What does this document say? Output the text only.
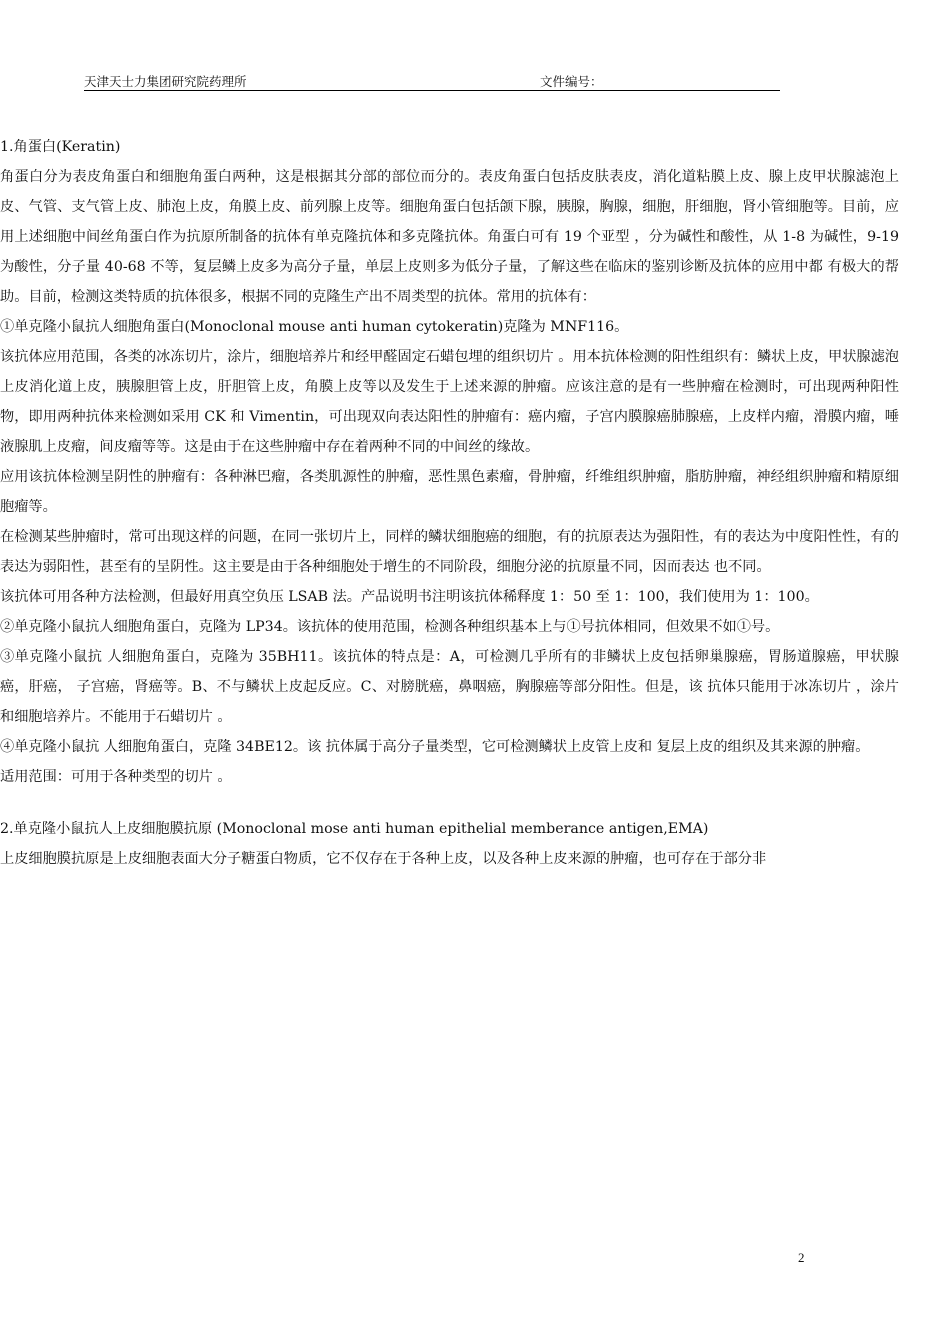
天津天士力集团研究院药理所	文件编号：

1.角蛋白(Keratin)

角蛋白分为表皮角蛋白和细胞角蛋白两种，这是根据其分部的部位而分的。表皮角蛋白包括皮肤表皮，消化道粘膜上皮、腺上皮甲状腺滤泡上皮、气管、支气管上皮、肺泡上皮，角膜上皮、前列腺上皮等。细胞角蛋白包括颌下腺，胰腺，胸腺，细胞，肝细胞，肾小管细胞等。目前，应用上述细胞中间丝角蛋白作为抗原所制备的抗体有单克隆抗体和多克隆抗体。角蛋白可有 19 个亚型 ，分为碱性和酸性，从 1-8 为碱性，9-19 为酸性，分子量 40-68 不等，复层鳞上皮多为高分子量，单层上皮则多为低分子量，了解这些在临床的鉴别诊断及抗体的应用中都 有极大的帮助。目前，检测这类特质的抗体很多，根据不同的克隆生产出不周类型的抗体。常用的抗体有：

①单克隆小鼠抗人细胞角蛋白(Monoclonal mouse anti human cytokeratin)克隆为 MNF116。

该抗体应用范围，各类的冰冻切片，涂片，细胞培养片和经甲醛固定石蜡包埋的组织切片 。用本抗体检测的阳性组织有：鳞状上皮，甲状腺滤泡上皮消化道上皮，胰腺胆管上皮，肝胆管上皮，角膜上皮等以及发生于上述来源的肿瘤。应该注意的是有一些肿瘤在检测时，可出现两种阳性物，即用两种抗体来检测如采用 CK 和 Vimentin，可出现双向表达阳性的肿瘤有：癌内瘤，子宫内膜腺癌肺腺癌，上皮样内瘤，滑膜内瘤，唾液腺肌上皮瘤，间皮瘤等等。这是由于在这些肿瘤中存在着两种不同的中间丝的缘故。

应用该抗体检测呈阴性的肿瘤有：各种淋巴瘤，各类肌源性的肿瘤，恶性黑色素瘤，骨肿瘤，纤维组织肿瘤，脂肪肿瘤，神经组织肿瘤和精原细胞瘤等。

在检测某些肿瘤时，常可出现这样的问题，在同一张切片上，同样的鳞状细胞癌的细胞，有的抗原表达为强阳性，有的表达为中度阳性性，有的表达为弱阳性，甚至有的呈阴性。这主要是由于各种细胞处于增生的不同阶段，细胞分泌的抗原量不同，因而表达 也不同。

该抗体可用各种方法检测，但最好用真空负压 LSAB 法。产品说明书注明该抗体稀释度 1：50 至 1：100，我们使用为 1：100。

②单克隆小鼠抗人细胞角蛋白，克隆为 LP34。该抗体的使用范围，检测各种组织基本上与①号抗体相同，但效果不如①号。

③单克隆小鼠抗 人细胞角蛋白，克隆为 35BH11。该抗体的特点是：A，可检测几乎所有的非鳞状上皮包括卵巢腺癌，胃肠道腺癌，甲状腺癌，肝癌， 子宫癌，肾癌等。B、不与鳞状上皮起反应。C、对膀胱癌，鼻咽癌，胸腺癌等部分阳性。但是，该 抗体只能用于冰冻切片 ，涂片和细胞培养片。不能用于石蜡切片 。

④单克隆小鼠抗 人细胞角蛋白，克隆 34BE12。该 抗体属于高分子量类型，它可检测鳞状上皮管上皮和 复层上皮的组织及其来源的肿瘤。

适用范围：可用于各种类型的切片 。

2.单克隆小鼠抗人上皮细胞膜抗原 (Monoclonal mose anti human epithelial memberance antigen,EMA)

上皮细胞膜抗原是上皮细胞表面大分子糖蛋白物质，它不仅存在于各种上皮，以及各种上皮来源的肿瘤，也可存在于部分非

2
